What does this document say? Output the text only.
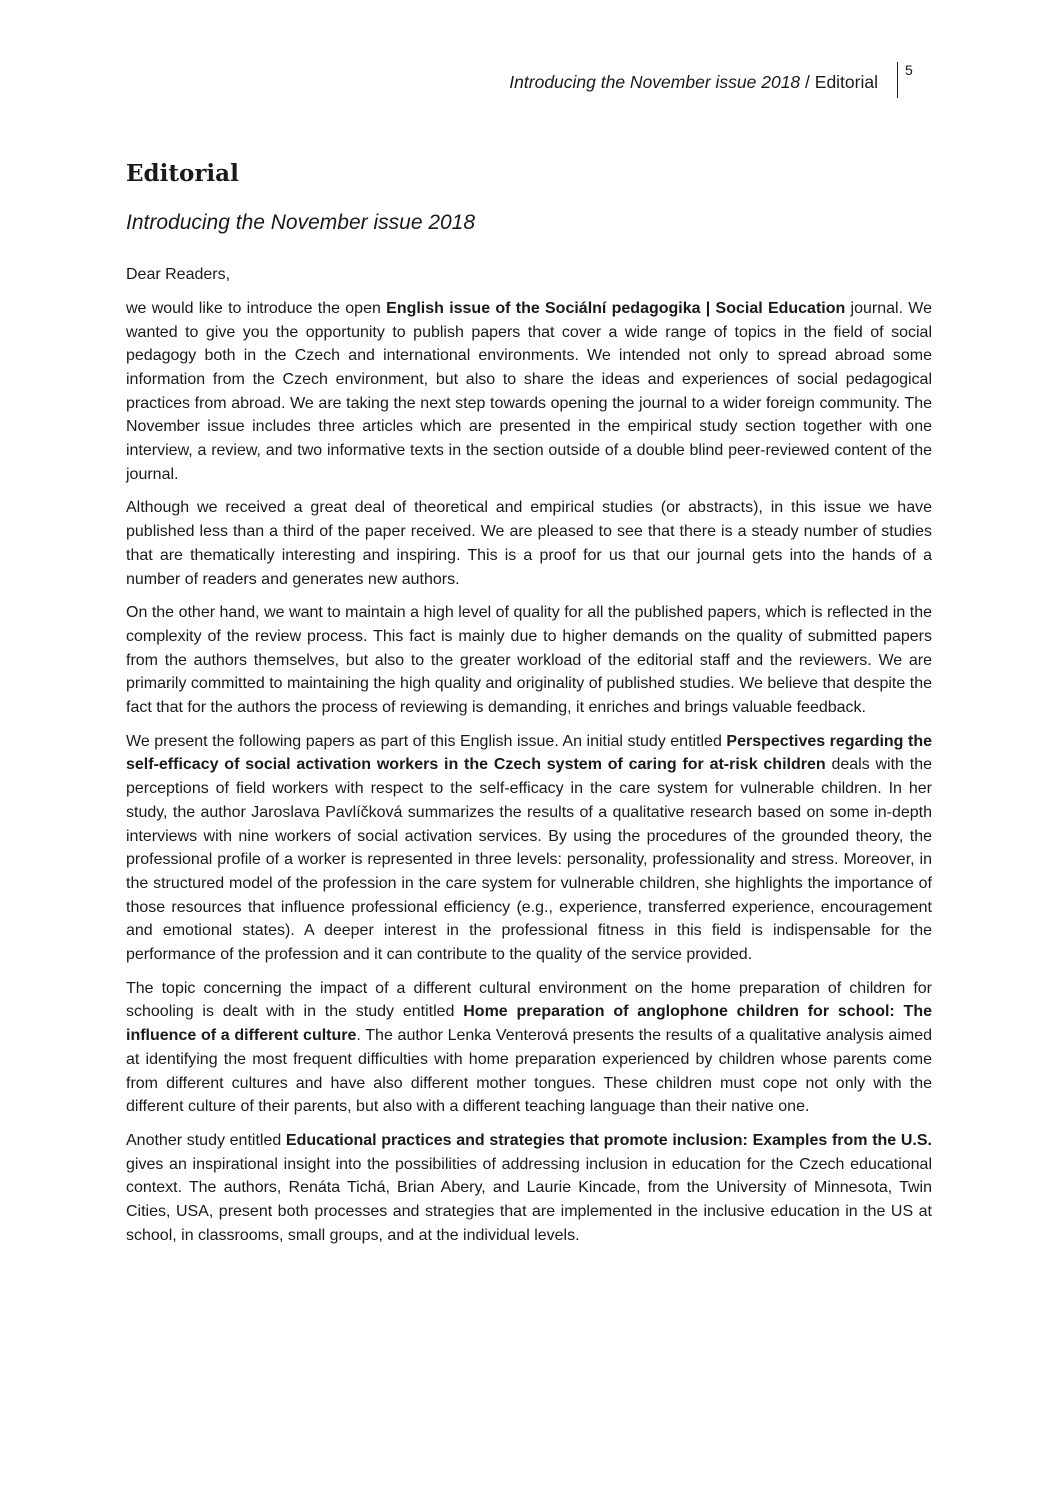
Introducing the November issue 2018 / Editorial
5
Editorial
Introducing the November issue 2018

Dear Readers,

we would like to introduce the open English issue of the Sociální pedagogika | Social Education journal. We wanted to give you the opportunity to publish papers that cover a wide range of topics in the field of social pedagogy both in the Czech and international environments. We intended not only to spread abroad some information from the Czech environment, but also to share the ideas and experiences of social pedagogical practices from abroad. We are taking the next step towards opening the journal to a wider foreign community. The November issue includes three articles which are presented in the empirical study section together with one interview, a review, and two informative texts in the section outside of a double blind peer-reviewed content of the journal.

Although we received a great deal of theoretical and empirical studies (or abstracts), in this issue we have published less than a third of the paper received. We are pleased to see that there is a steady number of studies that are thematically interesting and inspiring. This is a proof for us that our journal gets into the hands of a number of readers and generates new authors.

On the other hand, we want to maintain a high level of quality for all the published papers, which is reflected in the complexity of the review process. This fact is mainly due to higher demands on the quality of submitted papers from the authors themselves, but also to the greater workload of the editorial staff and the reviewers. We are primarily committed to maintaining the high quality and originality of published studies. We believe that despite the fact that for the authors the process of reviewing is demanding, it enriches and brings valuable feedback.

We present the following papers as part of this English issue. An initial study entitled Perspectives regarding the self-efficacy of social activation workers in the Czech system of caring for at-risk children deals with the perceptions of field workers with respect to the self-efficacy in the care system for vulnerable children. In her study, the author Jaroslava Pavlíčková summarizes the results of a qualitative research based on some in-depth interviews with nine workers of social activation services. By using the procedures of the grounded theory, the professional profile of a worker is represented in three levels: personality, professionality and stress. Moreover, in the structured model of the profession in the care system for vulnerable children, she highlights the importance of those resources that influence professional efficiency (e.g., experience, transferred experience, encouragement and emotional states). A deeper interest in the professional fitness in this field is indispensable for the performance of the profession and it can contribute to the quality of the service provided.

The topic concerning the impact of a different cultural environment on the home preparation of children for schooling is dealt with in the study entitled Home preparation of anglophone children for school: The influence of a different culture. The author Lenka Venterová presents the results of a qualitative analysis aimed at identifying the most frequent difficulties with home preparation experienced by children whose parents come from different cultures and have also different mother tongues. These children must cope not only with the different culture of their parents, but also with a different teaching language than their native one.

Another study entitled Educational practices and strategies that promote inclusion: Examples from the U.S. gives an inspirational insight into the possibilities of addressing inclusion in education for the Czech educational context. The authors, Renáta Tichá, Brian Abery, and Laurie Kincade, from the University of Minnesota, Twin Cities, USA, present both processes and strategies that are implemented in the inclusive education in the US at school, in classrooms, small groups, and at the individual levels.
